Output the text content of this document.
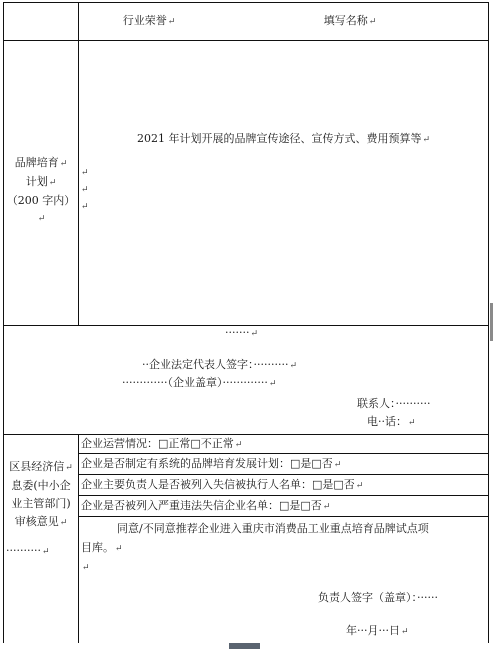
行业荣誉↵	填写名称↵
品牌培育↵
计划↵
（200 字内）↵
2021 年计划开展的品牌宣传途径、宣传方式、费用预算等↵
↵
↵
↵
·······↵
··企业法定代表人签字：··········↵
·············（企业盖章）·············↵
联系人：··········
电··话：↵
区县经济信↵
息委(中小企
业主管部门)
审核意见↵
··········↵
企业运营情况：□正常□不正常↵
企业是否制定有系统的品牌培育发展计划：□是□否↵
企业主要负责人是否被列入失信被执行人名单：□是□否↵
企业是否被列入严重违法失信企业名单：□是□否↵
同意/不同意推荐企业进入重庆市消费品工业重点培育品牌试点项
目库。↵
↵
负责人签字（盖章）：······
年···月···日↵
